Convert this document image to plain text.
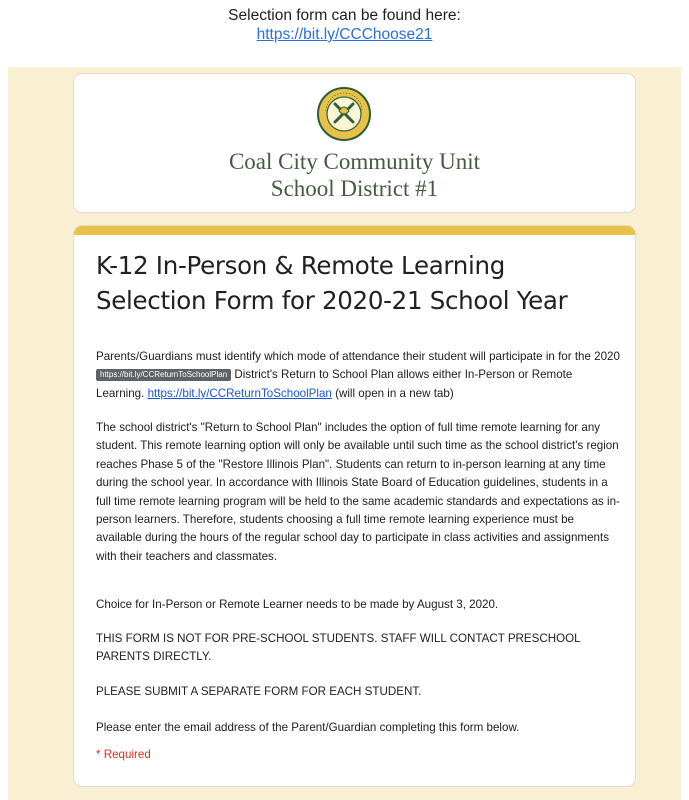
Selection form can be found here:
https://bit.ly/CCChoose21
Coal City Community Unit
School District #1
K-12 In-Person & Remote Learning Selection Form for 2020-21 School Year
Parents/Guardians must identify which mode of attendance their student will participate in for the 2020https://bit.ly/CCReturnToSchoolPlan District's Return to School Plan allows either In-Person or Remote Learning. https://bit.ly/CCReturnToSchoolPlan (will open in a new tab)
The school district's "Return to School Plan" includes the option of full time remote learning for any student. This remote learning option will only be available until such time as the school district's region reaches Phase 5 of the "Restore Illinois Plan". Students can return to in-person learning at any time during the school year. In accordance with Illinois State Board of Education guidelines, students in a full time remote learning program will be held to the same academic standards and expectations as in-person learners. Therefore, students choosing a full time remote learning experience must be available during the hours of the regular school day to participate in class activities and assignments with their teachers and classmates.
Choice for In-Person or Remote Learner needs to be made by August 3, 2020.
THIS FORM IS NOT FOR PRE-SCHOOL STUDENTS. STAFF WILL CONTACT PRESCHOOL PARENTS DIRECTLY.
PLEASE SUBMIT A SEPARATE FORM FOR EACH STUDENT.
Please enter the email address of the Parent/Guardian completing this form below.
* Required
